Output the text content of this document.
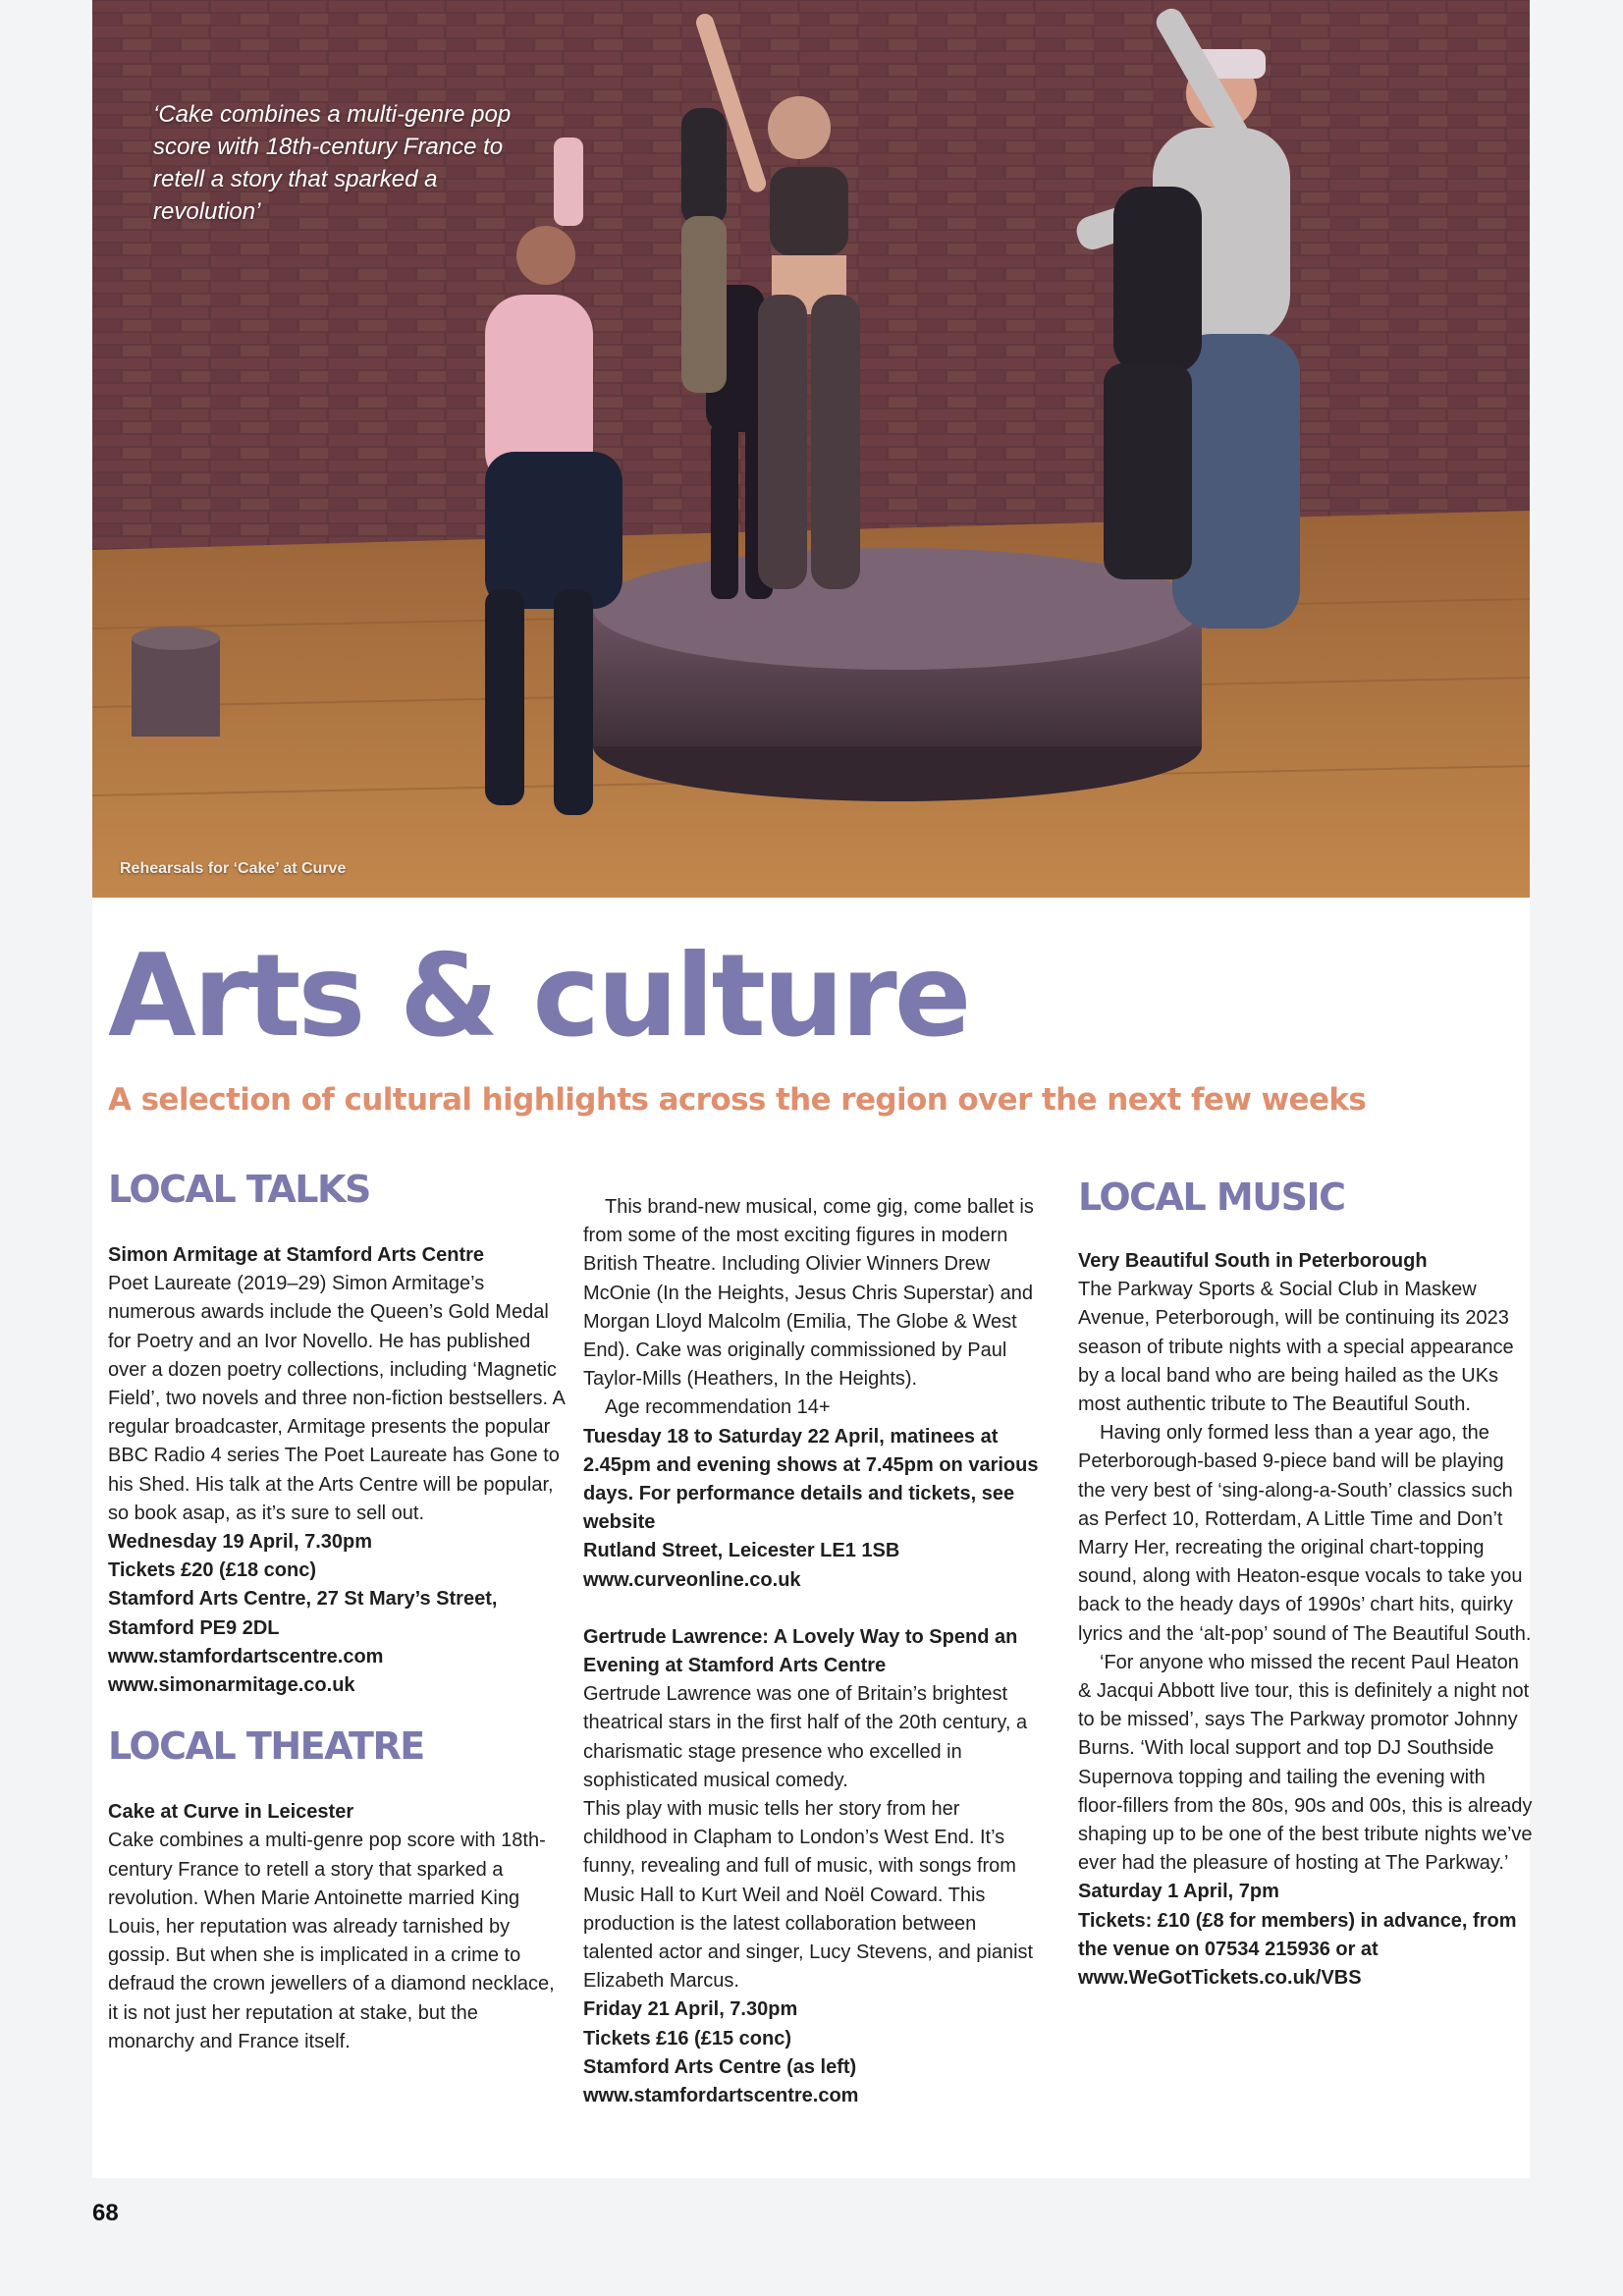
‘Cake combines a multi-genre pop score with 18th-century France to retell a story that sparked a revolution’
Rehearsals for ‘Cake’ at Curve
Arts & culture
A selection of cultural highlights across the region over the next few weeks
LOCAL TALKS

Simon Armitage at Stamford Arts Centre

Poet Laureate (2019–29) Simon Armitage’s numerous awards include the Queen’s Gold Medal for Poetry and an Ivor Novello. He has published over a dozen poetry collections, including ‘Magnetic Field’, two novels and three non-fiction bestsellers. A regular broadcaster, Armitage presents the popular BBC Radio 4 series The Poet Laureate has Gone to his Shed. His talk at the Arts Centre will be popular, so book asap, as it’s sure to sell out.

Wednesday 19 April, 7.30pm

Tickets £20 (£18 conc)

Stamford Arts Centre, 27 St Mary’s Street, Stamford PE9 2DL

www.stamfordartscentre.com

www.simonarmitage.co.uk

LOCAL THEATRE

Cake at Curve in Leicester

Cake combines a multi-genre pop score with 18th-century France to retell a story that sparked a revolution. When Marie Antoinette married King Louis, her reputation was already tarnished by gossip. But when she is implicated in a crime to defraud the crown jewellers of a diamond necklace, it is not just her reputation at stake, but the monarchy and France itself.

This brand-new musical, come gig, come ballet is from some of the most exciting figures in modern British Theatre. Including Olivier Winners Drew McOnie (In the Heights, Jesus Chris Superstar) and Morgan Lloyd Malcolm (Emilia, The Globe & West End). Cake was originally commissioned by Paul Taylor-Mills (Heathers, In the Heights).

Age recommendation 14+

Tuesday 18 to Saturday 22 April, matinees at 2.45pm and evening shows at 7.45pm on various days. For performance details and tickets, see website

Rutland Street, Leicester LE1 1SB

www.curveonline.co.uk

Gertrude Lawrence: A Lovely Way to Spend an Evening at Stamford Arts Centre

Gertrude Lawrence was one of Britain’s brightest theatrical stars in the first half of the 20th century, a charismatic stage presence who excelled in sophisticated musical comedy.

This play with music tells her story from her childhood in Clapham to London’s West End. It’s funny, revealing and full of music, with songs from Music Hall to Kurt Weil and Noël Coward. This production is the latest collaboration between talented actor and singer, Lucy Stevens, and pianist Elizabeth Marcus.

Friday 21 April, 7.30pm

Tickets £16 (£15 conc)

Stamford Arts Centre (as left)

www.stamfordartscentre.com

LOCAL MUSIC

Very Beautiful South in Peterborough

The Parkway Sports & Social Club in Maskew Avenue, Peterborough, will be continuing its 2023 season of tribute nights with a special appearance by a local band who are being hailed as the UKs most authentic tribute to The Beautiful South.

Having only formed less than a year ago, the Peterborough-based 9-piece band will be playing the very best of ‘sing-along-a-South’ classics such as Perfect 10, Rotterdam, A Little Time and Don’t Marry Her, recreating the original chart-topping sound, along with Heaton-esque vocals to take you back to the heady days of 1990s’ chart hits, quirky lyrics and the ‘alt-pop’ sound of The Beautiful South.

‘For anyone who missed the recent Paul Heaton & Jacqui Abbott live tour, this is definitely a night not to be missed’, says The Parkway promotor Johnny Burns. ‘With local support and top DJ Southside Supernova topping and tailing the evening with floor-fillers from the 80s, 90s and 00s, this is already shaping up to be one of the best tribute nights we’ve ever had the pleasure of hosting at The Parkway.’

Saturday 1 April, 7pm

Tickets: £10 (£8 for members) in advance, from the venue on 07534 215936 or at www.WeGotTickets.co.uk/VBS

68
